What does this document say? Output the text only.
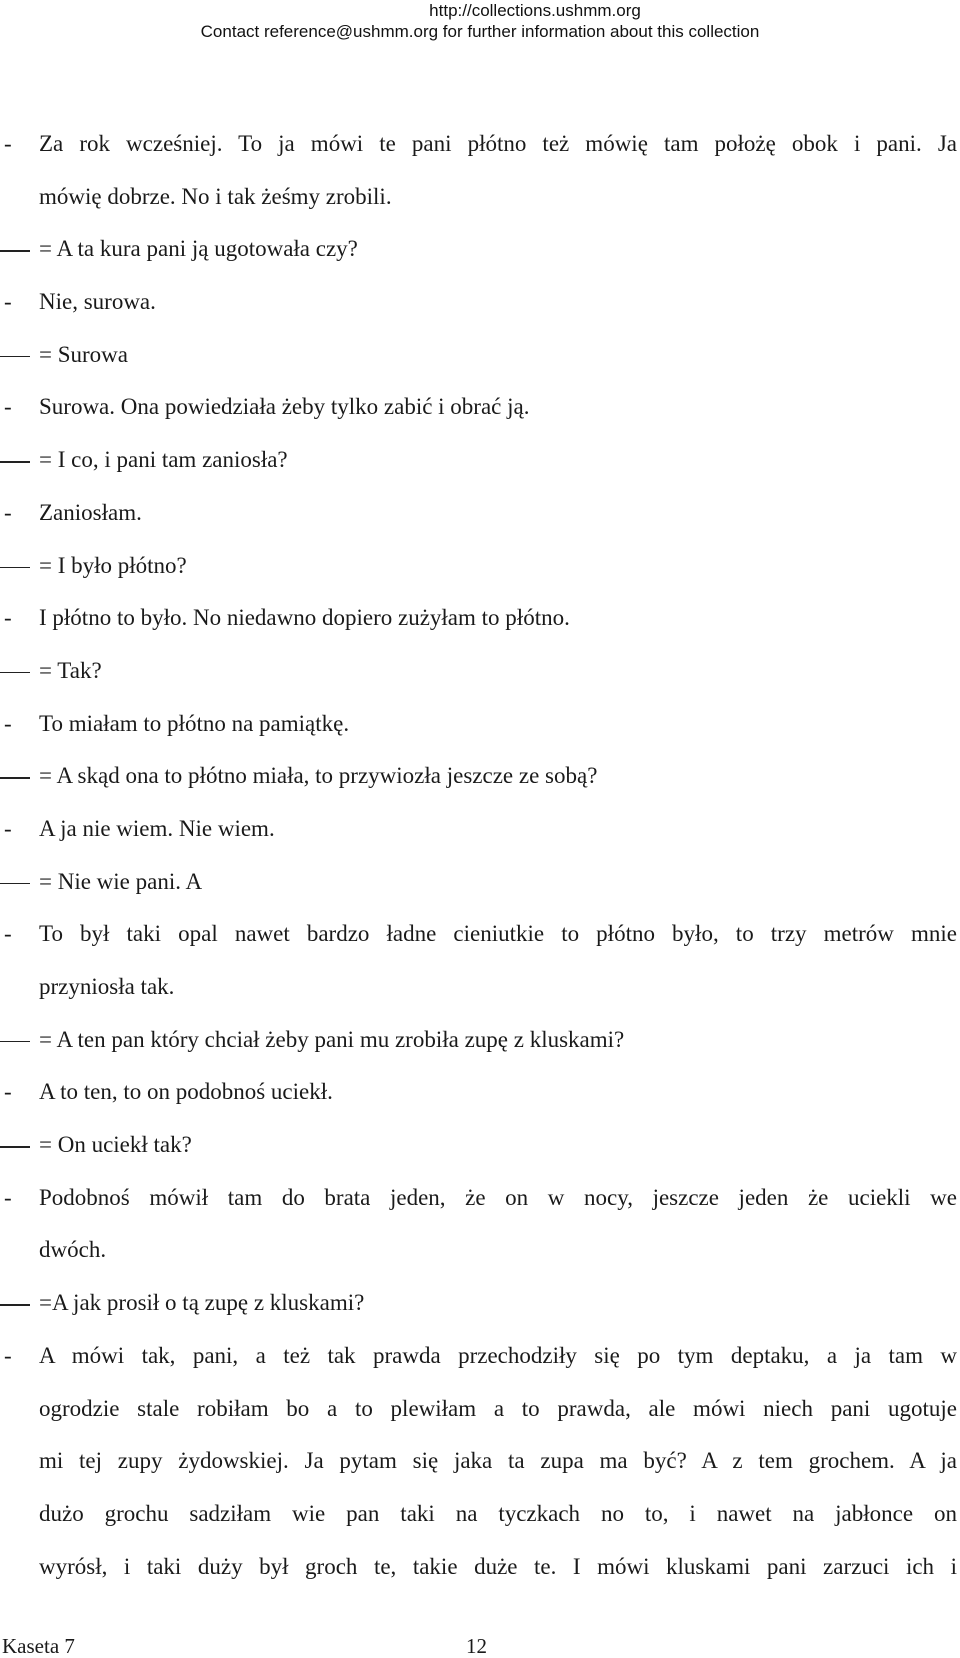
http://collections.ushmm.org
Contact reference@ushmm.org for further information about this collection
- Za rok wcześniej. To ja mówi te pani płótno też mówię tam położę obok i pani. Ja
mówię dobrze. No i tak żeśmy zrobili.
= A ta kura pani ją ugotowała czy?
- Nie, surowa.
= Surowa
- Surowa. Ona powiedziała żeby tylko zabić i obrać ją.
= I co, i pani tam zaniosła?
- Zaniosłam.
= I było płótno?
- I płótno to było. No niedawno dopiero zużyłam to płótno.
= Tak?
- To miałam to płótno na pamiątkę.
= A skąd ona to płótno miała, to przywiozła jeszcze ze sobą?
- A ja nie wiem. Nie wiem.
= Nie wie pani. A
- To był taki opal nawet bardzo ładne cieniutkie to płótno było, to trzy metrów mnie
przyniosła tak.
= A ten pan który chciał żeby pani mu zrobiła zupę z kluskami?
- A to ten, to on podobnoś uciekł.
= On uciekł tak?
- Podobnoś mówił tam do brata jeden, że on w nocy, jeszcze jeden że uciekli we
dwóch.
=A jak prosił o tą zupę z kluskami?
- A mówi tak, pani, a też tak prawda przechodziły się po tym deptaku, a ja tam w
ogrodzie stale robiłam bo a to plewiłam a to prawda, ale mówi niech pani ugotuje
mi tej zupy żydowskiej. Ja pytam się jaka ta zupa ma być? A z tem grochem. A ja
dużo grochu sadziłam wie pan taki na tyczkach no to, i nawet na jabłonce on
wyrósł, i taki duży był groch te, takie duże te. I mówi kluskami pani zarzuci ich i
Kaseta 7	12
